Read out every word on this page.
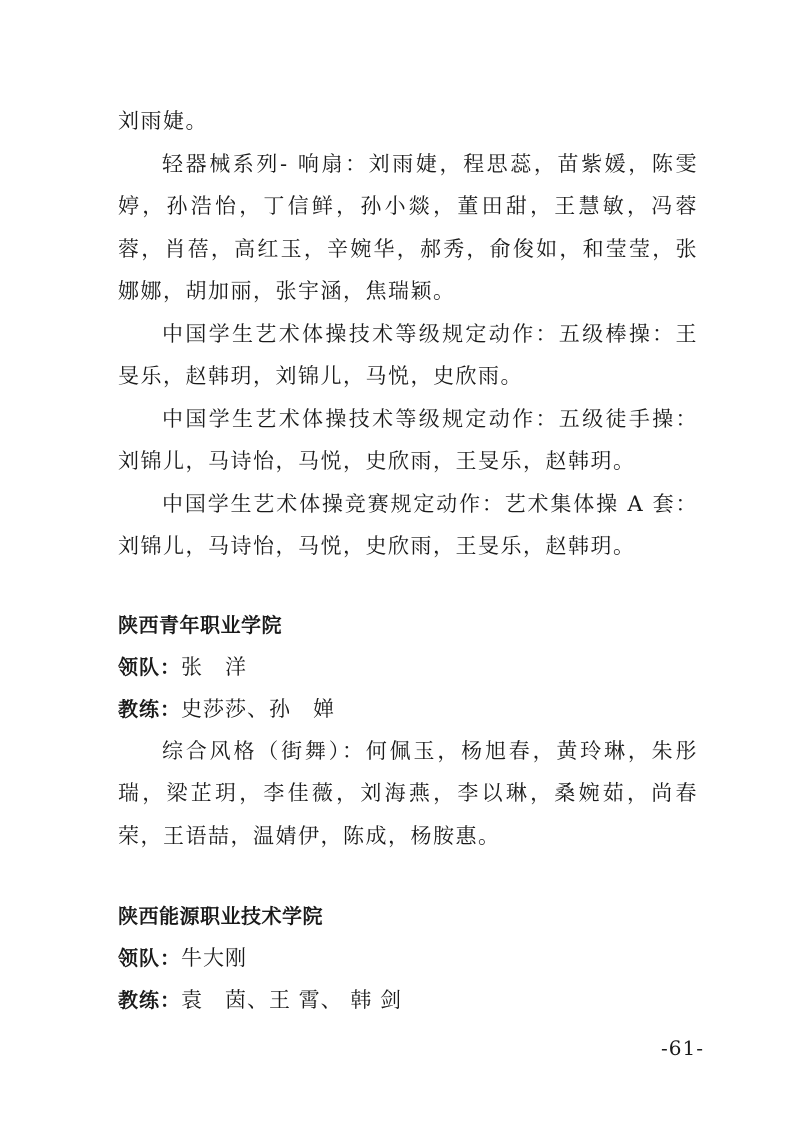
刘雨婕。

轻器械系列- 响扇：刘雨婕，程思蕊，苗紫媛，陈雯婷，孙浩怡，丁信鲜，孙小燚，董田甜，王慧敏，冯蓉蓉，肖蓓，高红玉，辛婉华，郝秀，俞俊如，和莹莹，张娜娜，胡加丽，张宇涵，焦瑞颖。

中国学生艺术体操技术等级规定动作：五级棒操：王旻乐，赵韩玥，刘锦儿，马悦，史欣雨。

中国学生艺术体操技术等级规定动作：五级徒手操：刘锦儿，马诗怡，马悦，史欣雨，王旻乐，赵韩玥。

中国学生艺术体操竞赛规定动作：艺术集体操 A 套：刘锦儿，马诗怡，马悦，史欣雨，王旻乐，赵韩玥。

陕西青年职业学院

领队：张　洋

教练：史莎莎、孙　婵

综合风格（街舞）：何佩玉，杨旭春，黄玲琳，朱彤瑞，梁芷玥，李佳薇，刘海燕，李以琳，桑婉茹，尚春荣，王语喆，温婧伊，陈成，杨胺惠。

陕西能源职业技术学院

领队：牛大刚

教练：袁　茵、王 霄、 韩 剑

-61-
